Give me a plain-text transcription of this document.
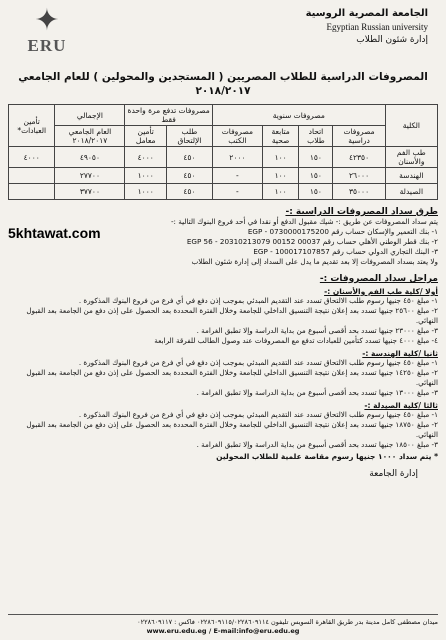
الجامعة المصرية الروسية
Egyptian Russian university
إدارة شئون الطلاب
✦
ERU
المصروفات الدراسية للطلاب المصريين ( المستجدين والمحولين ) للعام الجامعي
٢٠١٨/٢٠١٧
الكلية	مصروفات سنوية				مصروفات تدفع مرة واحدة فقط		الإجمالي	تأمين العبادات*
	مصروفات دراسية	اتحاد طلاب	متابعة صحية	مصروفات الكتب	طلب الإلتحاق	تأمين معامل	العام الجامعي ٢٠١٨/٢٠١٧	
طب الفم والأسنان	٤٢٣٥٠	١٥٠	١٠٠	٢٠٠٠	٤٥٠	٤٠٠٠	٤٩٠٥٠	٤٠٠٠
الهندسة	٢٦٠٠٠	١٥٠	١٠٠	-	٤٥٠	١٠٠٠	٢٧٧٠٠	
الصيدلة	٣٥٠٠٠	١٥٠	١٠٠	-	٤٥٠	١٠٠٠	٣٧٧٠٠	
طرق سداد المصروفات الدراسية :-

يتم سداد المصروفات عن طريق :- شيك مقبول الدفع أو نقدا في أحد فروع البنوك التالية :-

١- بنك التعمير والإسكان حساب رقم EGP - 0730000175200

٢- بنك قطر الوطني الأهلي حساب رقم EGP 56 - 20310213079 00152 00037

٣- البنك التجاري الدولي حساب رقم EGP - 100017107857

ولا يعتد بسداد المصروفات إلا بعد تقديم ما يدل على السداد إلى إدارة شئون الطلاب

مراحل سداد المصروفات :-
أولا /كلية طب الفم والأسنان :-

١- مبلغ ٤٥٠ جنيها رسوم طلب الالتحاق تسدد عند التقديم المبدئي بموجب إذن دفع في أي فرع من فروع البنوك المذكورة .

٢- مبلغ ٢٥٦٠٠ جنيها تسدد بعد إعلان نتيجة التنسيق الداخلي للجامعة وخلال الفترة المحددة بعد الحصول على إذن دفع من الجامعة بعد القبول النهائي.

٣- مبلغ ٢٣٠٠٠ جنيها تسدد بحد أقصى أسبوع من بداية الدراسة وإلا تطبق الغرامة .

٤- مبلغ ٤٠٠٠ جنيها تسدد كتأمين للعبادات تدفع مع المصروفات عند وصول الطالب للفرقة الرابعة

ثانيا /كلية الهندسة :-

١- مبلغ ٤٥٠ جنيها رسوم طلب الالتحاق تسدد عند التقديم المبدئي بموجب إذن دفع في أي فرع من فروع البنوك المذكورة .

٢- مبلغ ١٤٢٥٠ جنيها تسدد بعد إعلان نتيجة التنسيق الداخلي للجامعة وخلال الفترة المحددة بعد الحصول على إذن دفع من الجامعة بعد القبول النهائي.

٣- مبلغ ١٣٠٠٠ جنيها تسدد بحد أقصى أسبوع من بداية الدراسة وإلا تطبق الغرامة .

ثالثا /كلية الصيدلة :-

١- مبلغ ٤٥٠ جنيها رسوم طلب الالتحاق تسدد عند التقديم المبدئي بموجب إذن دفع في أي فرع من فروع البنوك المذكورة .

٢- مبلغ ١٨٧٥٠ جنيها تسدد بعد إعلان نتيجة التنسيق الداخلي للجامعة وخلال الفترة المحددة بعد الحصول على إذن دفع من الجامعة بعد القبول النهائي.

٣- مبلغ ١٨٥٠٠ جنيها تسدد بحد أقصى أسبوع من بداية الدراسة وإلا تطبق الغرامة .

* يتم سداد ١٠٠٠ جنيها رسوم مقاصة علمية للطلاب المحولين
إدارة الجامعة
ميدان مصطفى كامل مدينة بدر طريق القاهرة السويس تليفون ٠٢٢٨٦٠٩١١٥/٠٢٢٨٦٠٩١١٤ فاكس : ٠٢٢٨٦٠٩١١٧
www.eru.edu.eg / E-mail:info@eru.edu.eg
5khtawat.com
